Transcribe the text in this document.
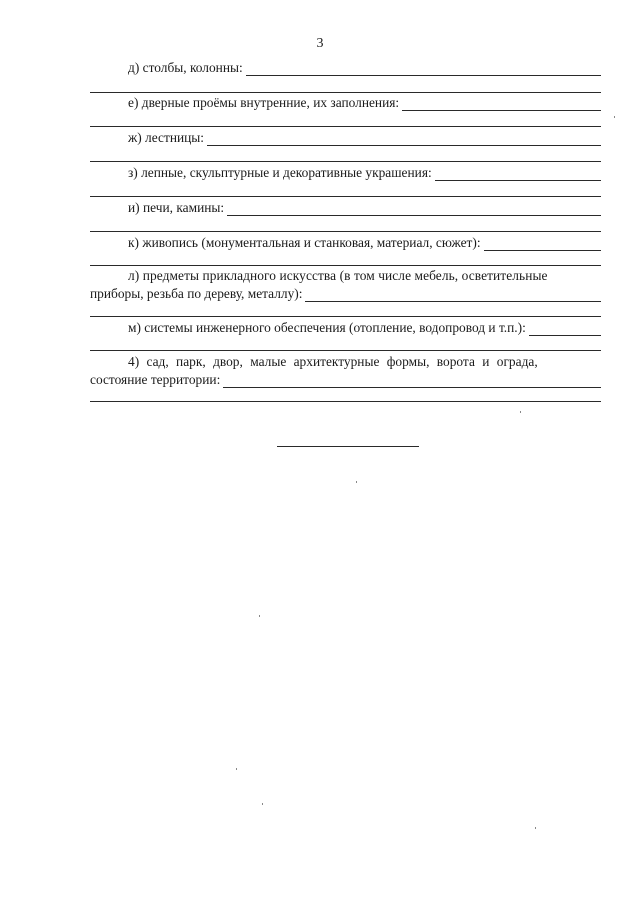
3
д) столбы, колонны:
е) дверные проёмы внутренние, их заполнения:
ж) лестницы:
з) лепные, скульптурные и декоративные украшения:
и) печи, камины:
к) живопись (монументальная и станковая, материал, сюжет):
л) предметы прикладного искусства (в том числе мебель, осветительные
приборы, резьба по дереву, металлу):
м) системы инженерного обеспечения (отопление, водопровод и т.п.):
4) сад, парк, двор, малые архитектурные формы, ворота и ограда,
состояние территории:
